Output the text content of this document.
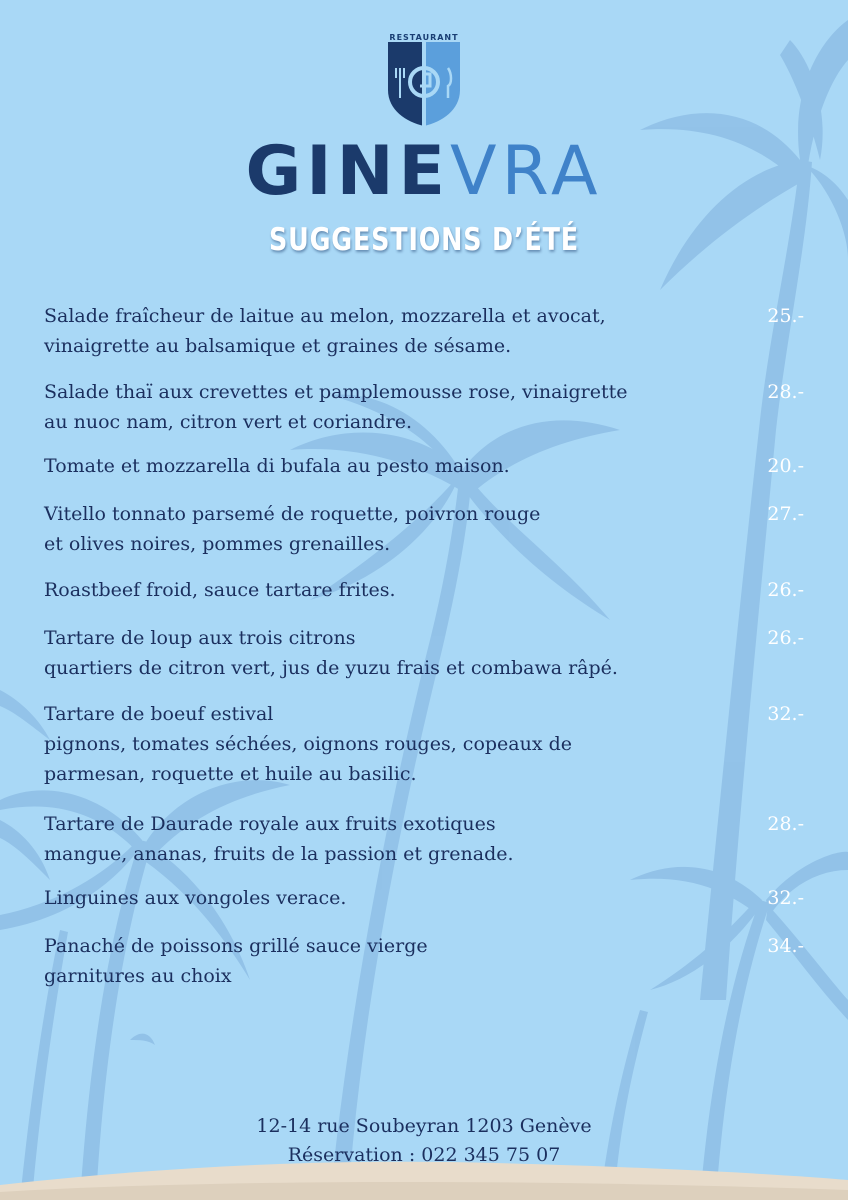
RESTAURANT
GINEVRA
SUGGESTIONS D’ÉTÉ
Salade fraîcheur de laitue au melon, mozzarella et avocat,
vinaigrette au balsamique et graines de sésame.
25.-
Salade thaï aux crevettes et pamplemousse rose, vinaigrette
au nuoc nam, citron vert et coriandre.
28.-
Tomate et mozzarella di bufala au pesto maison.	20.-
Vitello tonnato parsemé de roquette, poivron rouge
et olives noires, pommes grenailles.
27.-
Roastbeef froid, sauce tartare frites.	26.-
Tartare de loup aux trois citrons
quartiers de citron vert, jus de yuzu frais et combawa râpé.
26.-
Tartare de boeuf estival
pignons, tomates séchées, oignons rouges, copeaux de
parmesan, roquette et huile au basilic.
32.-
Tartare de Daurade royale aux fruits exotiques
mangue, ananas, fruits de la passion et grenade.
28.-
Linguines aux vongoles verace.	32.-
Panaché de poissons grillé sauce vierge
garnitures au choix
34.-
12-14 rue Soubeyran 1203 Genève
Réservation : 022 345 75 07
